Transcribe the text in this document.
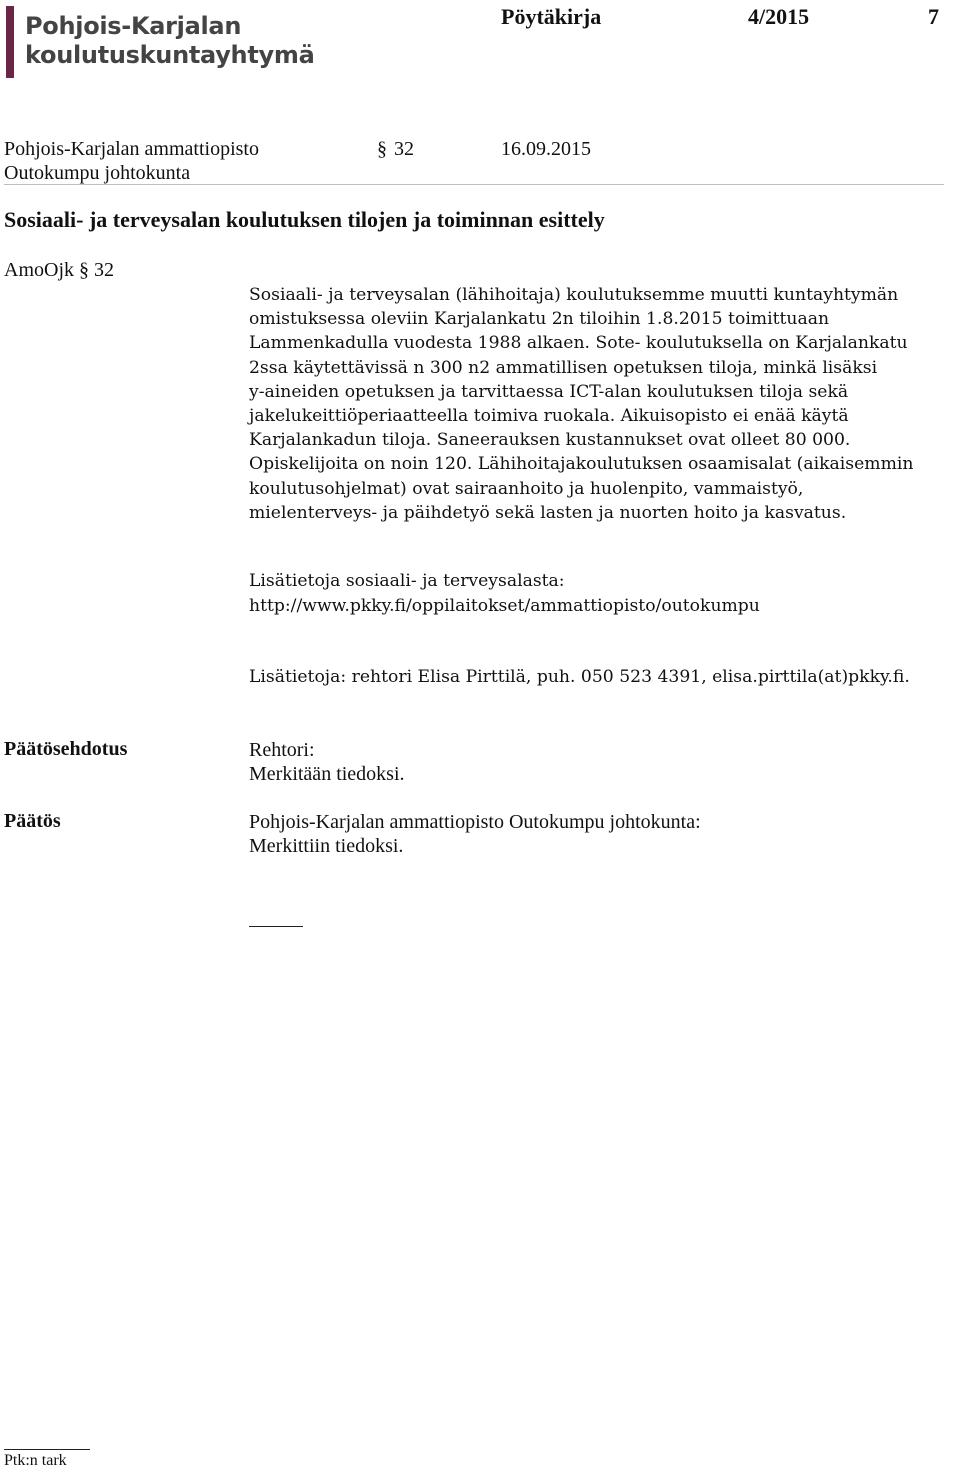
Pohjois-Karjalan
koulutuskuntayhtymä
Pöytäkirja	4/2015	7
Pohjois-Karjalan ammattiopisto
Outokumpu johtokunta
§ 32	16.09.2015
Sosiaali- ja terveysalan koulutuksen tilojen ja toiminnan esittely
AmoOjk § 32
Sosiaali- ja terveysalan (lähihoitaja) koulutuksemme muutti kuntayhtymän
omistuksessa oleviin Karjalankatu 2n tiloihin 1.8.2015 toimittuaan
Lammenkadulla vuodesta 1988 alkaen. Sote- koulutuksella on Karjalankatu
2ssa käytettävissä n 300 n2 ammatillisen opetuksen tiloja, minkä lisäksi
y-aineiden opetuksen ja tarvittaessa ICT-alan koulutuksen tiloja sekä
jakelukeittiöperiaatteella toimiva ruokala. Aikuisopisto ei enää käytä
Karjalankadun tiloja. Saneerauksen kustannukset ovat olleet 80 000.
Opiskelijoita on noin 120. Lähihoitajakoulutuksen osaamisalat (aikaisemmin
koulutusohjelmat) ovat sairaanhoito ja huolenpito, vammaistyö,
mielenterveys- ja päihdetyö sekä lasten ja nuorten hoito ja kasvatus.
Lisätietoja sosiaali- ja terveysalasta:
http://www.pkky.fi/oppilaitokset/ammattiopisto/outokumpu
Lisätietoja: rehtori Elisa Pirttilä, puh. 050 523 4391, elisa.pirttila(at)pkky.fi.
Päätösehdotus	Rehtori:
Merkitään tiedoksi.
Päätös	Pohjois-Karjalan ammattiopisto Outokumpu johtokunta:
Merkittiin tiedoksi.
Ptk:n tark
